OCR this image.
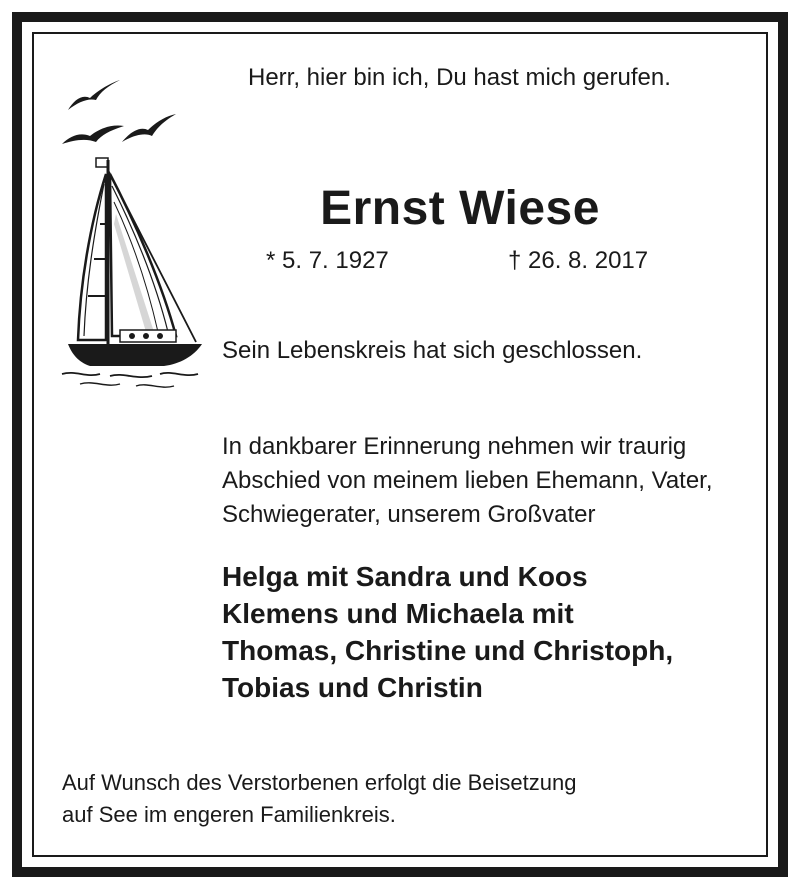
Herr, hier bin ich, Du hast mich gerufen.
Ernst Wiese
* 5. 7. 1927	† 26. 8. 2017
Sein Lebenskreis hat sich geschlossen.
In dankbarer Erinnerung nehmen wir traurig
Abschied von meinem lieben Ehemann, Vater,
Schwiegerater, unserem Großvater
Helga mit Sandra und Koos
Klemens und Michaela mit
Thomas, Christine und Christoph,
Tobias und Christin
Auf Wunsch des Verstorbenen erfolgt die Beisetzung
auf See im engeren Familienkreis.
